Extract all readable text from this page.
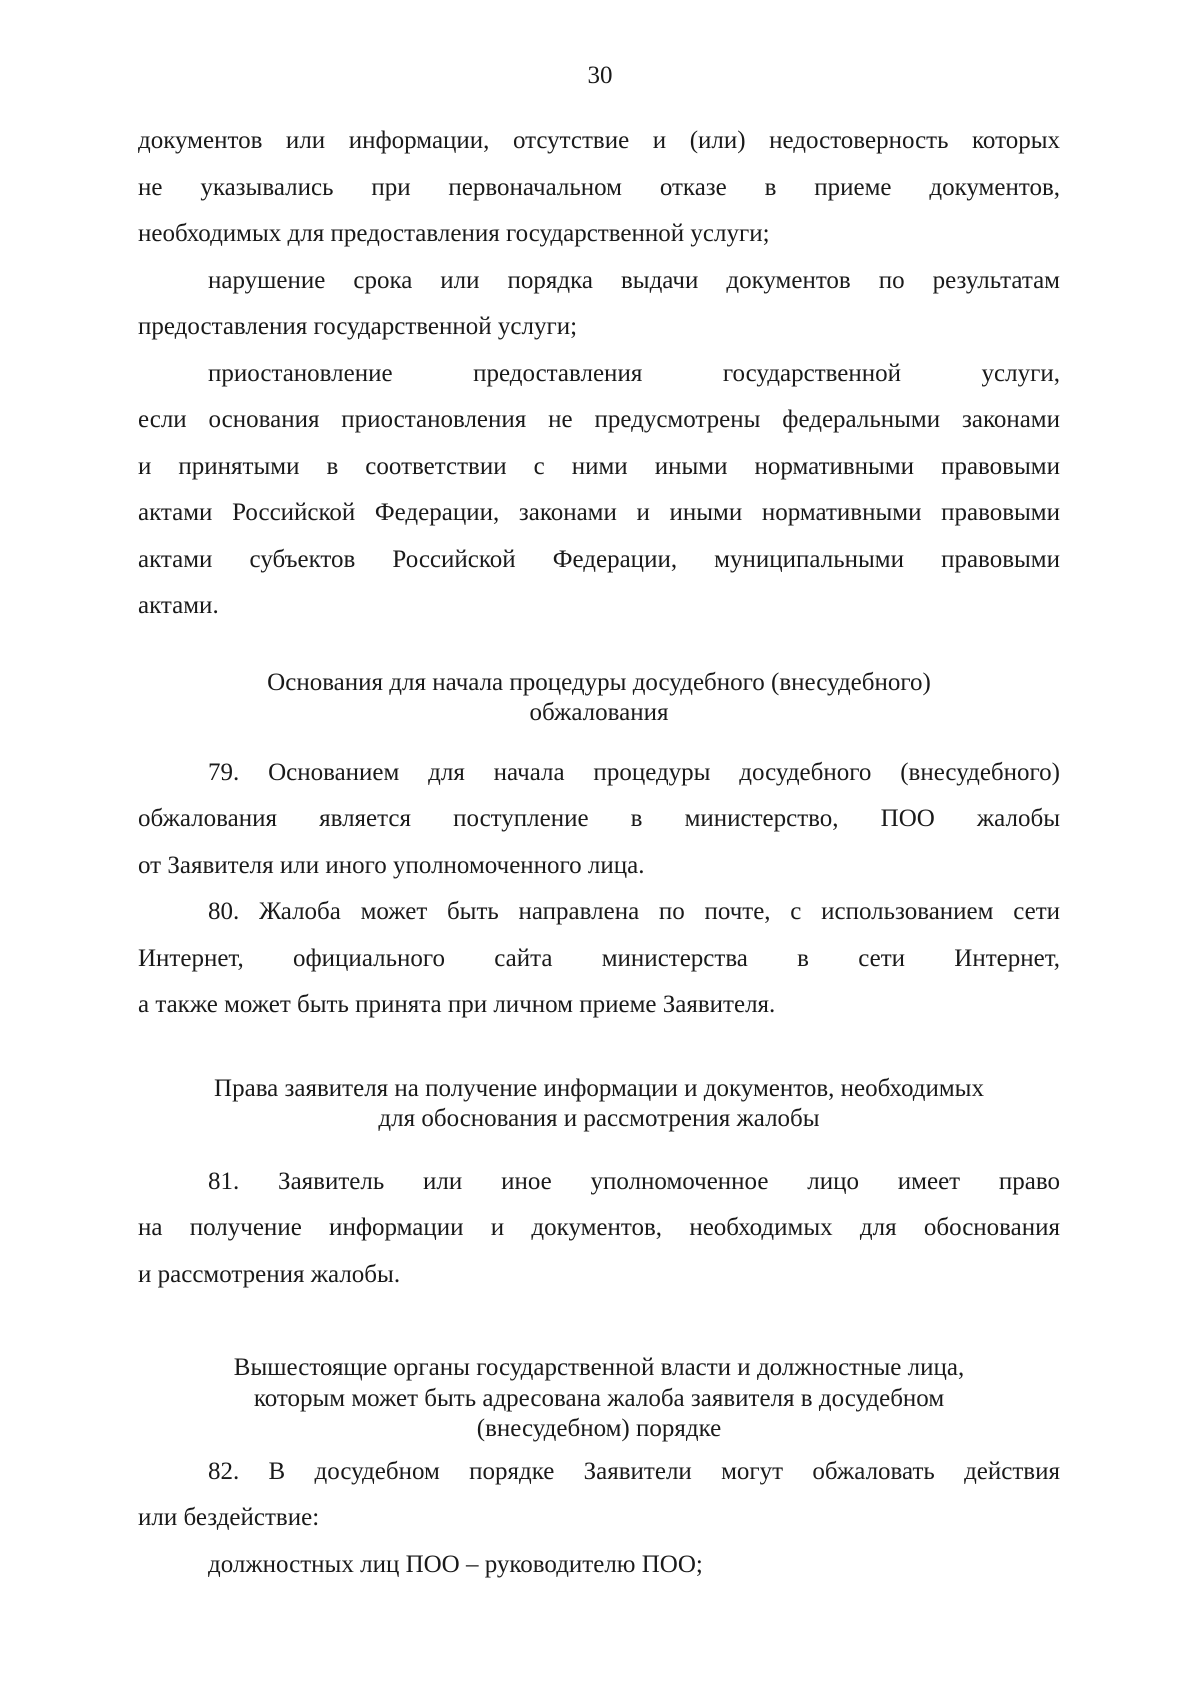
30

документов или информации, отсутствие и (или) недостоверность которых

не указывались при первоначальном отказе в приеме документов,

необходимых для предоставления государственной услуги;

нарушение срока или порядка выдачи документов по результатам

предоставления государственной услуги;

приостановление предоставления государственной услуги,

если основания приостановления не предусмотрены федеральными законами

и принятыми в соответствии с ними иными нормативными правовыми

актами Российской Федерации, законами и иными нормативными правовыми

актами субъектов Российской Федерации, муниципальными правовыми

актами.

Основания для начала процедуры досудебного (внесудебного)

обжалования

79. Основанием для начала процедуры досудебного (внесудебного)

обжалования является поступление в министерство, ПОО жалобы

от Заявителя или иного уполномоченного лица.

80. Жалоба может быть направлена по почте, с использованием сети

Интернет, официального сайта министерства в сети Интернет,

а также может быть принята при личном приеме Заявителя.

Права заявителя на получение информации и документов, необходимых

для обоснования и рассмотрения жалобы

81. Заявитель или иное уполномоченное лицо имеет право

на получение информации и документов, необходимых для обоснования

и рассмотрения жалобы.

Вышестоящие органы государственной власти и должностные лица,

которым может быть адресована жалоба заявителя в досудебном

(внесудебном) порядке

82. В досудебном порядке Заявители могут обжаловать действия

или бездействие:

должностных лиц ПОО – руководителю ПОО;
